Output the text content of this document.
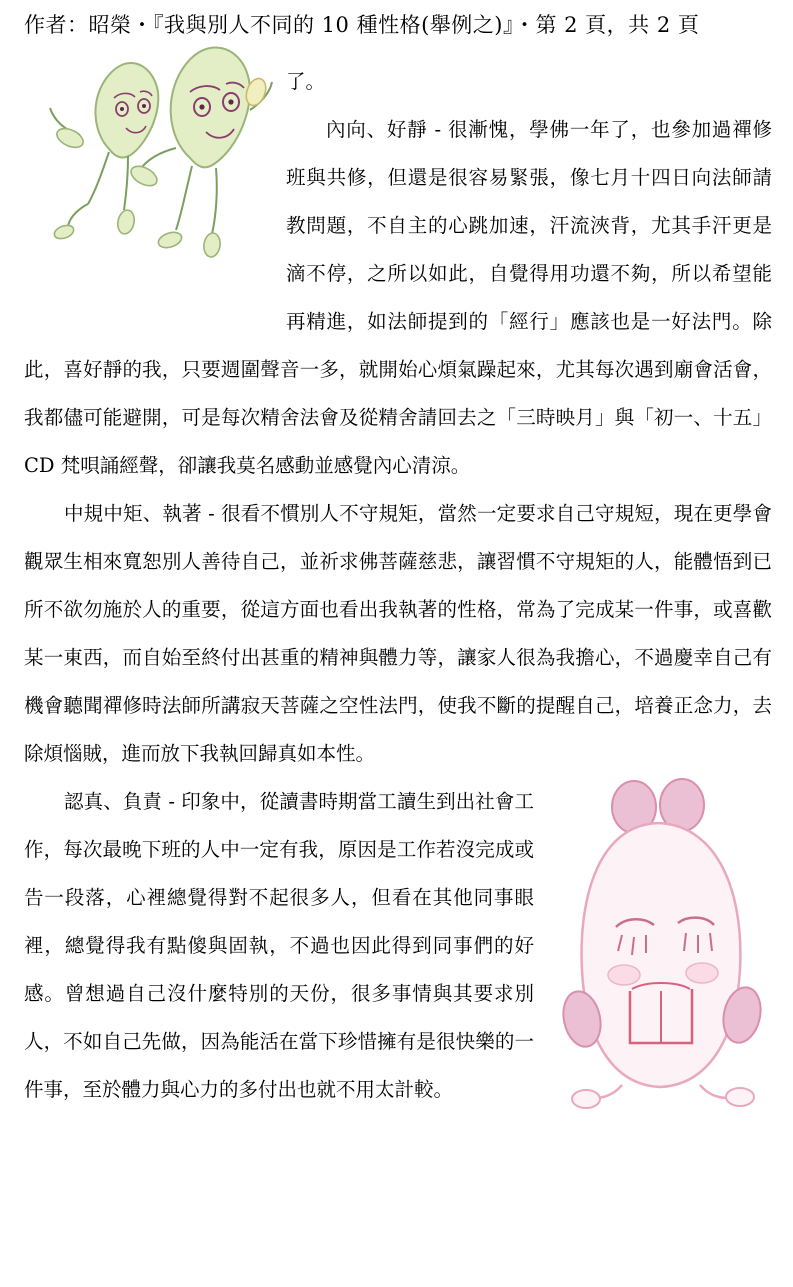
作者：昭榮・『我與別人不同的 10 種性格(舉例之)』・第 2 頁，共 2 頁

了。

內向、好靜 - 很漸愧，學佛一年了，也參加過禪修班與共修，但還是很容易緊張，像七月十四日向法師請教問題，不自主的心跳加速，汗流浹背，尤其手汗更是滴不停，之所以如此，自覺得用功還不夠，所以希望能再精進，如法師提到的「經行」應該也是一好法門。除此，喜好靜的我，只要週圍聲音一多，就開始心煩氣躁起來，尤其每次遇到廟會活會，我都儘可能避開，可是每次精舍法會及從精舍請回去之「三時映月」與「初一、十五」CD 梵唄誦經聲，卻讓我莫名感動並感覺內心清涼。

中規中矩、執著 - 很看不慣別人不守規矩，當然一定要求自己守規短，現在更學會觀眾生相來寬恕別人善待自己，並祈求佛菩薩慈悲，讓習慣不守規矩的人，能體悟到已所不欲勿施於人的重要，從這方面也看出我執著的性格，常為了完成某一件事，或喜歡某一東西，而自始至終付出甚重的精神與體力等，讓家人很為我擔心，不過慶幸自己有機會聽聞禪修時法師所講寂天菩薩之空性法門，使我不斷的提醒自己，培養正念力，去除煩惱賊，進而放下我執回歸真如本性。

認真、負責 - 印象中，從讀書時期當工讀生到出社會工作，每次最晚下班的人中一定有我，原因是工作若沒完成或告一段落，心裡總覺得對不起很多人，但看在其他同事眼裡，總覺得我有點傻與固執，不過也因此得到同事們的好感。曾想過自己沒什麼特別的天份，很多事情與其要求別人，不如自己先做，因為能活在當下珍惜擁有是很快樂的一件事，至於體力與心力的多付出也就不用太計較。
